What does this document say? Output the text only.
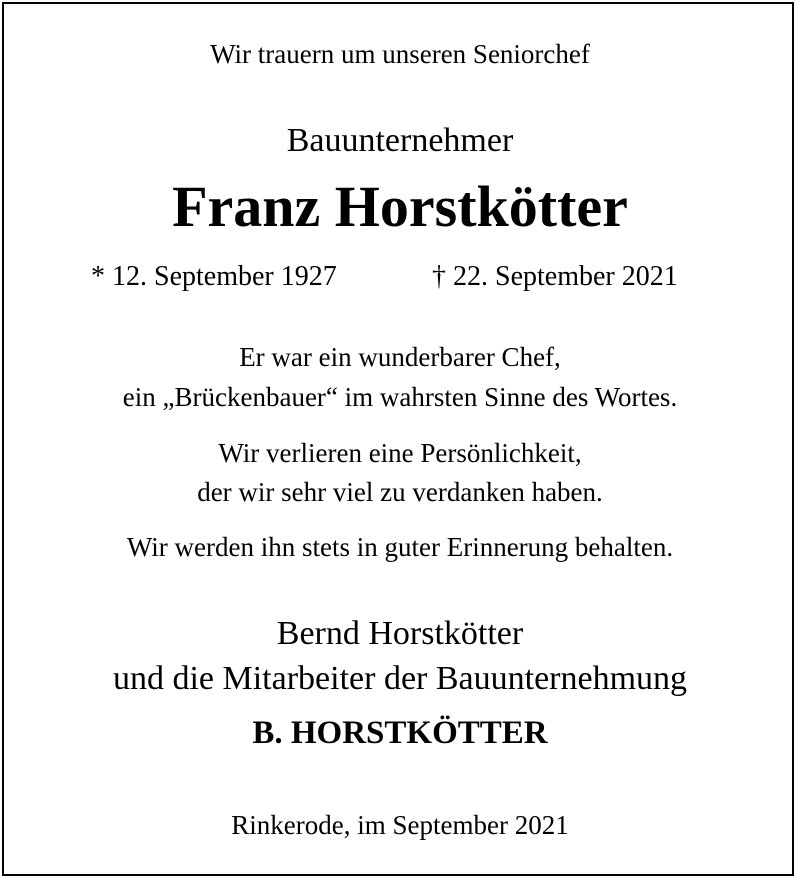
Wir trauern um unseren Seniorchef
Bauunternehmer
Franz Horstkötter
* 12. September 1927	† 22. September 2021
Er war ein wunderbarer Chef,
ein „Brückenbauer“ im wahrsten Sinne des Wortes.
Wir verlieren eine Persönlichkeit,
der wir sehr viel zu verdanken haben.
Wir werden ihn stets in guter Erinnerung behalten.
Bernd Horstkötter
und die Mitarbeiter der Bauunternehmung
B. HORSTKÖTTER
Rinkerode, im September 2021
